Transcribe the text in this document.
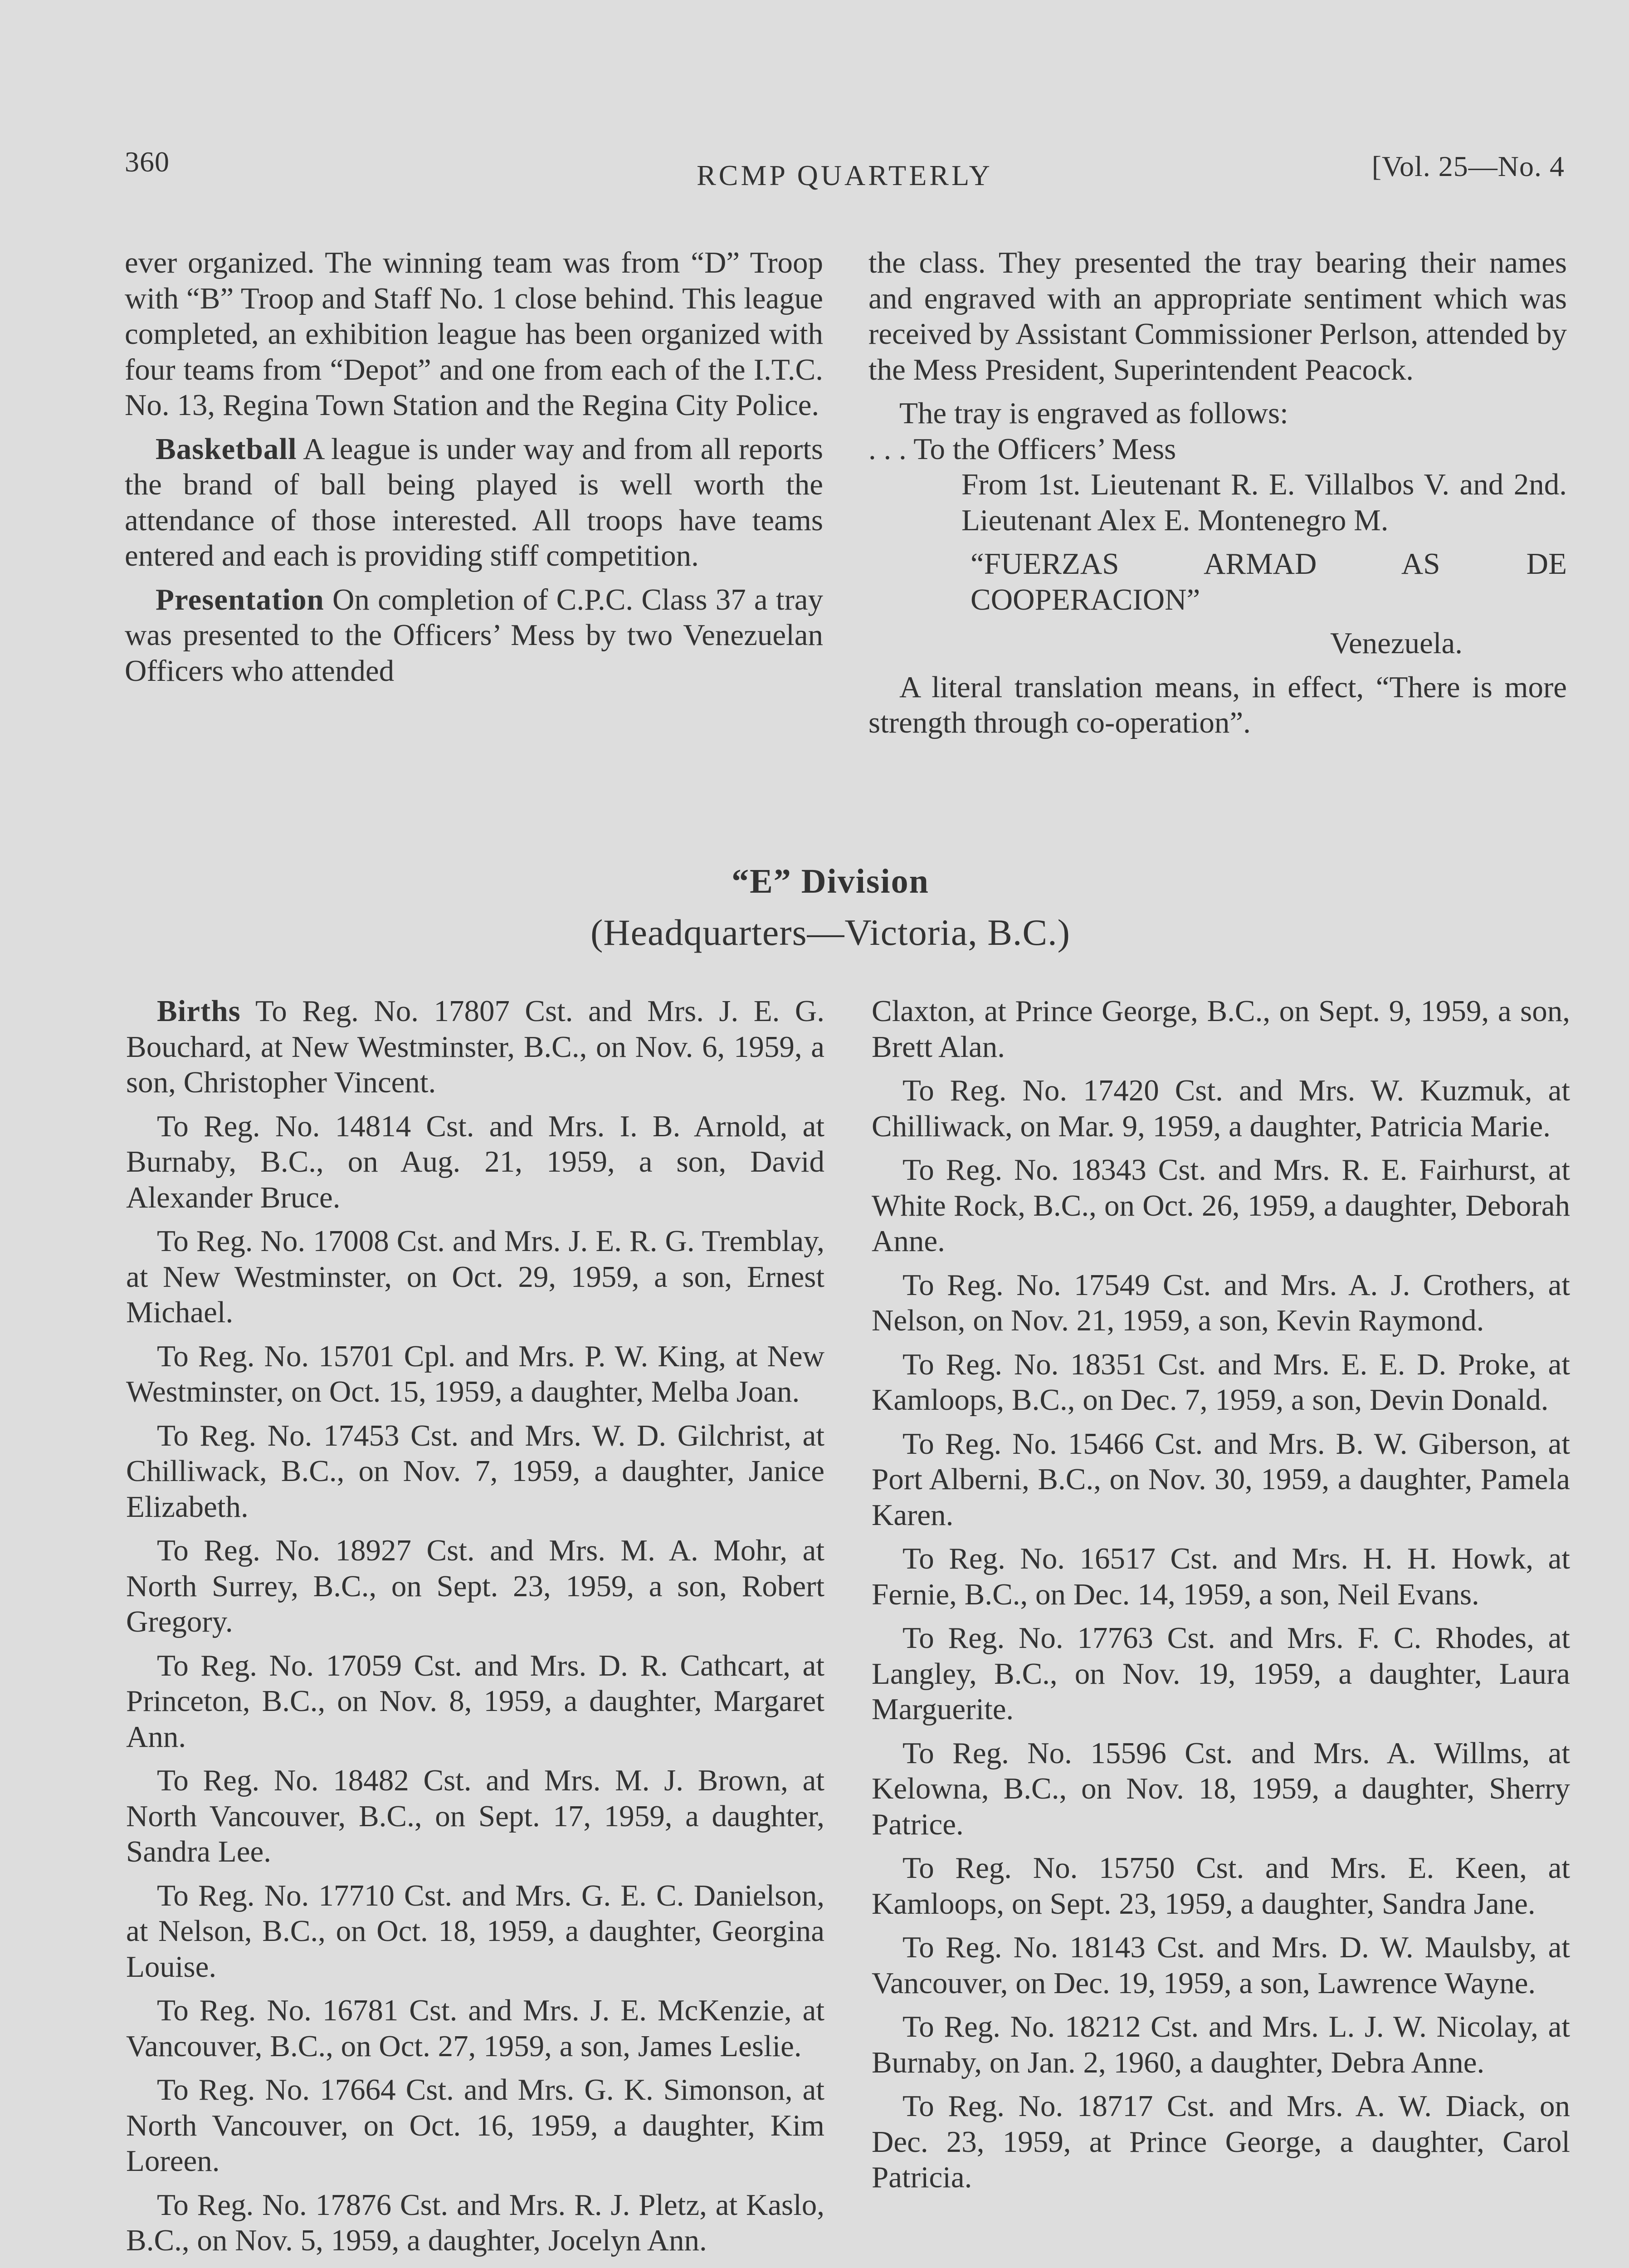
360	RCMP QUARTERLY	[Vol. 25—No. 4

ever organized. The winning team was from “D” Troop with “B” Troop and Staff No. 1 close behind. This league completed, an exhibition league has been organized with four teams from “Depot” and one from each of the I.T.C. No. 13, Regina Town Station and the Regina City Police.

Basketball A league is under way and from all reports the brand of ball being played is well worth the attendance of those interested. All troops have teams entered and each is providing stiff competition.

Presentation On completion of C.P.C. Class 37 a tray was presented to the Officers’ Mess by two Venezuelan Officers who attended

the class. They presented the tray bearing their names and engraved with an appropriate sentiment which was received by Assistant Commissioner Perlson, attended by the Mess President, Superintendent Peacock.

The tray is engraved as follows:

. . . To the Officers’ Mess
From 1st. Lieutenant R. E. Villalbos V. and 2nd. Lieutenant Alex E. Montenegro M.
“FUERZAS ARMAD AS DE COOPERACION”
Venezuela.

A literal translation means, in effect, “There is more strength through co-operation”.

“E” Division
(Headquarters—Victoria, B.C.)

Births To Reg. No. 17807 Cst. and Mrs. J. E. G. Bouchard, at New Westminster, B.C., on Nov. 6, 1959, a son, Christopher Vincent.

To Reg. No. 14814 Cst. and Mrs. I. B. Arnold, at Burnaby, B.C., on Aug. 21, 1959, a son, David Alexander Bruce.

To Reg. No. 17008 Cst. and Mrs. J. E. R. G. Tremblay, at New Westminster, on Oct. 29, 1959, a son, Ernest Michael.

To Reg. No. 15701 Cpl. and Mrs. P. W. King, at New Westminster, on Oct. 15, 1959, a daughter, Melba Joan.

To Reg. No. 17453 Cst. and Mrs. W. D. Gilchrist, at Chilliwack, B.C., on Nov. 7, 1959, a daughter, Janice Elizabeth.

To Reg. No. 18927 Cst. and Mrs. M. A. Mohr, at North Surrey, B.C., on Sept. 23, 1959, a son, Robert Gregory.

To Reg. No. 17059 Cst. and Mrs. D. R. Cathcart, at Princeton, B.C., on Nov. 8, 1959, a daughter, Margaret Ann.

To Reg. No. 18482 Cst. and Mrs. M. J. Brown, at North Vancouver, B.C., on Sept. 17, 1959, a daughter, Sandra Lee.

To Reg. No. 17710 Cst. and Mrs. G. E. C. Danielson, at Nelson, B.C., on Oct. 18, 1959, a daughter, Georgina Louise.

To Reg. No. 16781 Cst. and Mrs. J. E. McKenzie, at Vancouver, B.C., on Oct. 27, 1959, a son, James Leslie.

To Reg. No. 17664 Cst. and Mrs. G. K. Simonson, at North Vancouver, on Oct. 16, 1959, a daughter, Kim Loreen.

To Reg. No. 17876 Cst. and Mrs. R. J. Pletz, at Kaslo, B.C., on Nov. 5, 1959, a daughter, Jocelyn Ann.

Claxton, at Prince George, B.C., on Sept. 9, 1959, a son, Brett Alan.

To Reg. No. 17420 Cst. and Mrs. W. Kuzmuk, at Chilliwack, on Mar. 9, 1959, a daughter, Patricia Marie.

To Reg. No. 18343 Cst. and Mrs. R. E. Fairhurst, at White Rock, B.C., on Oct. 26, 1959, a daughter, Deborah Anne.

To Reg. No. 17549 Cst. and Mrs. A. J. Crothers, at Nelson, on Nov. 21, 1959, a son, Kevin Raymond.

To Reg. No. 18351 Cst. and Mrs. E. E. D. Proke, at Kamloops, B.C., on Dec. 7, 1959, a son, Devin Donald.

To Reg. No. 15466 Cst. and Mrs. B. W. Giberson, at Port Alberni, B.C., on Nov. 30, 1959, a daughter, Pamela Karen.

To Reg. No. 16517 Cst. and Mrs. H. H. Howk, at Fernie, B.C., on Dec. 14, 1959, a son, Neil Evans.

To Reg. No. 17763 Cst. and Mrs. F. C. Rhodes, at Langley, B.C., on Nov. 19, 1959, a daughter, Laura Marguerite.

To Reg. No. 15596 Cst. and Mrs. A. Willms, at Kelowna, B.C., on Nov. 18, 1959, a daughter, Sherry Patrice.

To Reg. No. 15750 Cst. and Mrs. E. Keen, at Kamloops, on Sept. 23, 1959, a daughter, Sandra Jane.

To Reg. No. 18143 Cst. and Mrs. D. W. Maulsby, at Vancouver, on Dec. 19, 1959, a son, Lawrence Wayne.

To Reg. No. 18212 Cst. and Mrs. L. J. W. Nicolay, at Burnaby, on Jan. 2, 1960, a daughter, Debra Anne.

To Reg. No. 18717 Cst. and Mrs. A. W. Diack, on Dec. 23, 1959, at Prince George, a daughter, Carol Patricia.
